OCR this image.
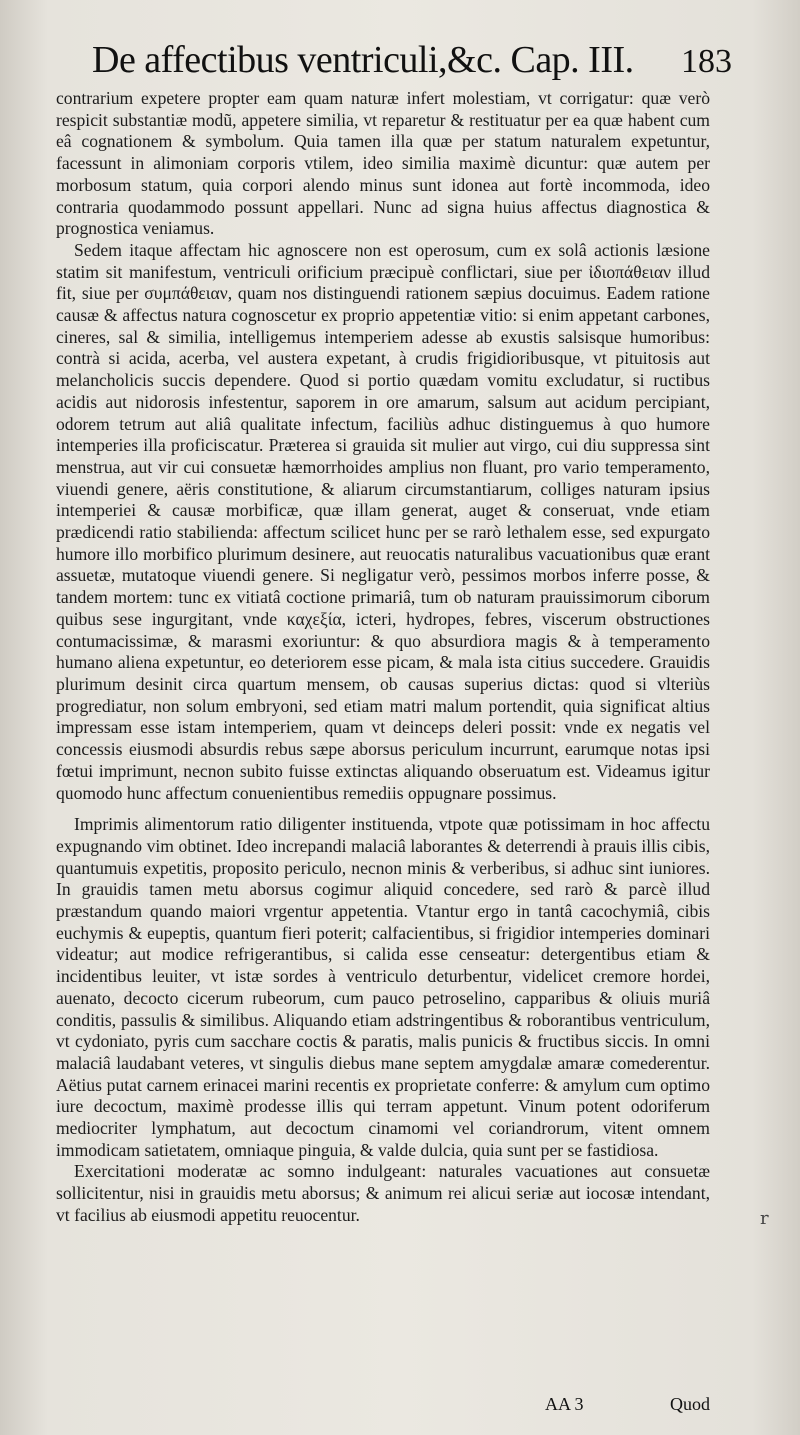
De affectibus ventriculi,&c. Cap. III. 183

contrarium expetere propter eam quam naturæ infert molestiam, vt corrigatur: quæ verò respicit substantiæ modũ, appetere similia, vt reparetur & restituatur per ea quæ habent cum eâ cognationem & symbolum. Quia tamen illa quæ per statum naturalem expetuntur, facessunt in alimoniam corporis vtilem, ideo similia maximè dicuntur: quæ autem per morbosum statum, quia corpori alendo minus sunt idonea aut fortè incommoda, ideo contraria quodammodo possunt appellari. Nunc ad signa huius affectus diagnostica & prognostica veniamus.

Sedem itaque affectam hic agnoscere non est operosum, cum ex solâ actionis læsione statim sit manifestum, ventriculi orificium præcipuè conflictari, siue per ἰδιοπάθειαν illud fit, siue per συμπάθειαν, quam nos distinguendi rationem sæpius docuimus. Eadem ratione causæ & affectus natura cognoscetur ex proprio appetentiæ vitio: si enim appetant carbones, cineres, sal & similia, intelligemus intemperiem adesse ab exustis salsisque humoribus: contrà si acida, acerba, vel austera expetant, à crudis frigidioribusque, vt pituitosis aut melancholicis succis dependere. Quod si portio quædam vomitu excludatur, si ructibus acidis aut nidorosis infestentur, saporem in ore amarum, salsum aut acidum percipiant, odorem tetrum aut aliâ qualitate infectum, faciliùs adhuc distinguemus à quo humore intemperies illa proficiscatur. Præterea si grauida sit mulier aut virgo, cui diu suppressa sint menstrua, aut vir cui consuetæ hæmorrhoides amplius non fluant, pro vario temperamento, viuendi genere, aëris constitutione, & aliarum circumstantiarum, colliges naturam ipsius intemperiei & causæ morbificæ, quæ illam generat, auget & conseruat, vnde etiam prædicendi ratio stabilienda: affectum scilicet hunc per se rarò lethalem esse, sed expurgato humore illo morbifico plurimum desinere, aut reuocatis naturalibus vacuationibus quæ erant assuetæ, mutatoque viuendi genere. Si negligatur verò, pessimos morbos inferre posse, & tandem mortem: tunc ex vitiatâ coctione primariâ, tum ob naturam prauissimorum ciborum quibus sese ingurgitant, vnde καχεξία, icteri, hydropes, febres, viscerum obstructiones contumacissimæ, & marasmi exoriuntur: & quo absurdiora magis & à temperamento humano aliena expetuntur, eo deteriorem esse picam, & mala ista citius succedere. Grauidis plurimum desinit circa quartum mensem, ob causas superius dictas: quod si vlteriùs progrediatur, non solum embryoni, sed etiam matri malum portendit, quia significat altius impressam esse istam intemperiem, quam vt deinceps deleri possit: vnde ex negatis vel concessis eiusmodi absurdis rebus sæpe aborsus periculum incurrunt, earumque notas ipsi fœtui imprimunt, necnon subito fuisse extinctas aliquando obseruatum est. Videamus igitur quomodo hunc affectum conuenientibus remediis oppugnare possimus.

Imprimis alimentorum ratio diligenter instituenda, vtpote quæ potissimam in hoc affectu expugnando vim obtinet. Ideo increpandi malaciâ laborantes & deterrendi à prauis illis cibis, quantumuis expetitis, proposito periculo, necnon minis & verberibus, si adhuc sint iuniores. In grauidis tamen metu aborsus cogimur aliquid concedere, sed rarò & parcè illud præstandum quando maiori vrgentur appetentia. Vtantur ergo in tantâ cacochymiâ, cibis euchymis & eupeptis, quantum fieri poterit; calfacientibus, si frigidior intemperies dominari videatur; aut modice refrigerantibus, si calida esse censeatur: detergentibus etiam & incidentibus leuiter, vt istæ sordes à ventriculo deturbentur, videlicet cremore hordei, auenato, decocto cicerum rubeorum, cum pauco petroselino, capparibus & oliuis muriâ conditis, passulis & similibus. Aliquando etiam adstringentibus & roborantibus ventriculum, vt cydoniato, pyris cum sacchare coctis & paratis, malis punicis & fructibus siccis. In omni malaciâ laudabant veteres, vt singulis diebus mane septem amygdalæ amaræ comederentur. Aëtius putat carnem erinacei marini recentis ex proprietate conferre: & amylum cum optimo iure decoctum, maximè prodesse illis qui terram appetunt. Vinum potent odoriferum mediocriter lymphatum, aut decoctum cinamomi vel coriandrorum, vitent omnem immodicam satietatem, omniaque pinguia, & valde dulcia, quia sunt per se fastidiosa.

Exercitationi moderatæ ac somno indulgeant: naturales vacuationes aut consuetæ sollicitentur, nisi in grauidis metu aborsus; & animum rei alicui seriæ aut iocosæ intendant, vt facilius ab eiusmodi appetitu reuocentur.	r
AA 3	Quod
